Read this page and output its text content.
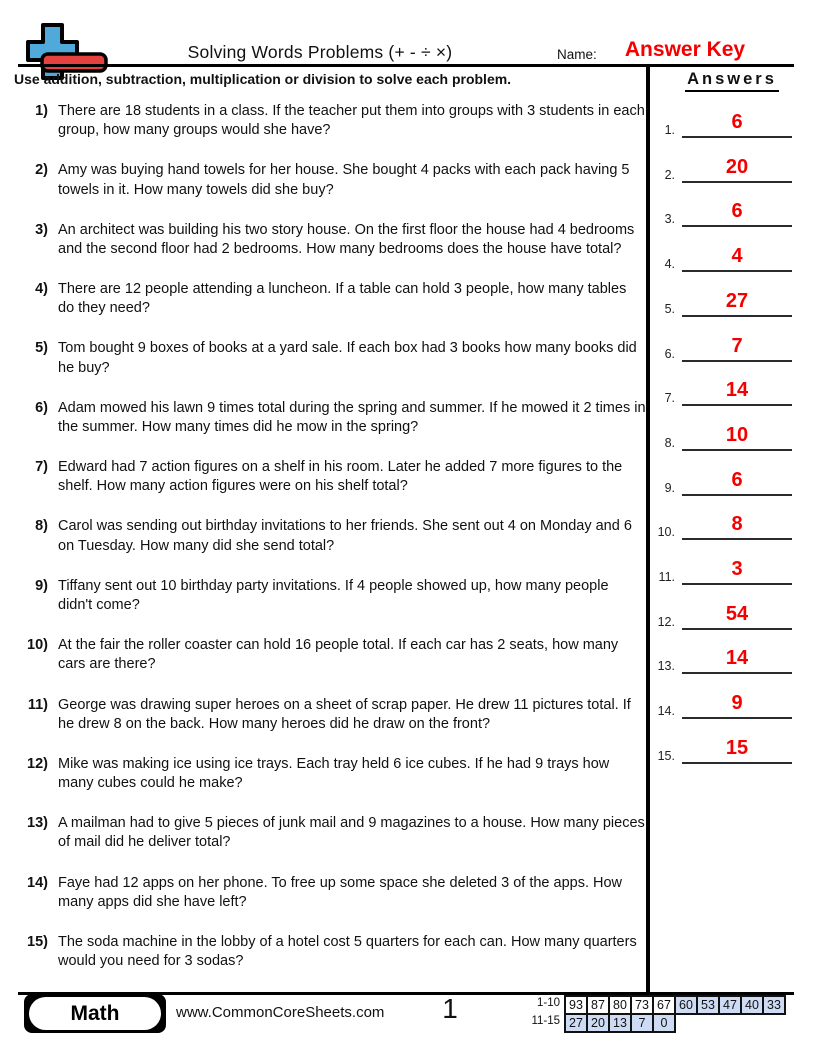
Solving Words Problems (+ - ÷ ×)	Name:	Answer Key
Use addition, subtraction, multiplication or division to solve each problem.	Answers
1.	6
2.	20
3.	6
4.	4
5.	27
6.	7
7.	14
8.	10
9.	6
10.	8
11.	3
12.	54
13.	14
14.	9
15.	15
1) There are 18 students in a class. If the teacher put them into groups with 3 students in each group, how many groups would she have?
2) Amy was buying hand towels for her house. She bought 4 packs with each pack having 5 towels in it. How many towels did she buy?
3) An architect was building his two story house. On the first floor the house had 4 bedrooms and the second floor had 2 bedrooms. How many bedrooms does the house have total?
4) There are 12 people attending a luncheon. If a table can hold 3 people, how many tables do they need?
5) Tom bought 9 boxes of books at a yard sale. If each box had 3 books how many books did he buy?
6) Adam mowed his lawn 9 times total during the spring and summer. If he mowed it 2 times in the summer. How many times did he mow in the spring?
7) Edward had 7 action figures on a shelf in his room. Later he added 7 more figures to the shelf. How many action figures were on his shelf total?
8) Carol was sending out birthday invitations to her friends. She sent out 4 on Monday and 6 on Tuesday. How many did she send total?
9) Tiffany sent out 10 birthday party invitations. If 4 people showed up, how many people didn't come?
10) At the fair the roller coaster can hold 16 people total. If each car has 2 seats, how many cars are there?
11) George was drawing super heroes on a sheet of scrap paper. He drew 11 pictures total. If he drew 8 on the back. How many heroes did he draw on the front?
12) Mike was making ice using ice trays. Each tray held 6 ice cubes. If he had 9 trays how many cubes could he make?
13) A mailman had to give 5 pieces of junk mail and 9 magazines to a house. How many pieces of mail did he deliver total?
14) Faye had 12 apps on her phone. To free up some space she deleted 3 of the apps. How many apps did she have left?
15) The soda machine in the lobby of a hotel cost 5 quarters for each can. How many quarters would you need for 3 sodas?
Math	www.CommonCoreSheets.com	1	1-10 93 87 80 73 67 60 53 47 40 33
11-15 27 20 13 7	0
